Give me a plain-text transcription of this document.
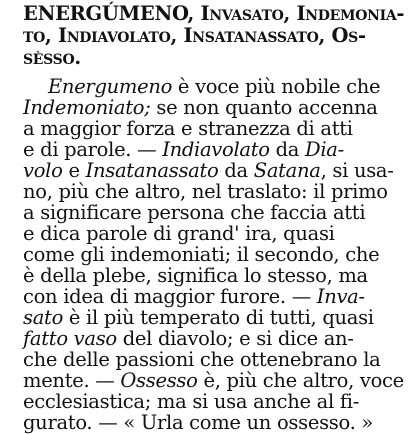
ENERGÚMENO, Invasato, Indemonia-
to, Indiavolato, Insatanassato, Os-
sèsso.
Energumeno è voce più nobile che
Indemoniato; se non quanto accenna
a maggior forza e stranezza di atti
e di parole. — Indiavolato da Dia-
volo e Insatanassato da Satana, si usa-
no, più che altro, nel traslato: il primo
a significare persona che faccia atti
e dica parole di grand' ira, quasi
come gli indemoniati; il secondo, che
è della plebe, significa lo stesso, ma
con idea di maggior furore. — Inva-
sato è il più temperato di tutti, quasi
fatto vaso del diavolo; e si dice an-
che delle passioni che ottenebrano la
mente. — Ossesso è, più che altro, voce
ecclesiastica; ma si usa anche al fi-
gurato. — « Urla come un ossesso. »
